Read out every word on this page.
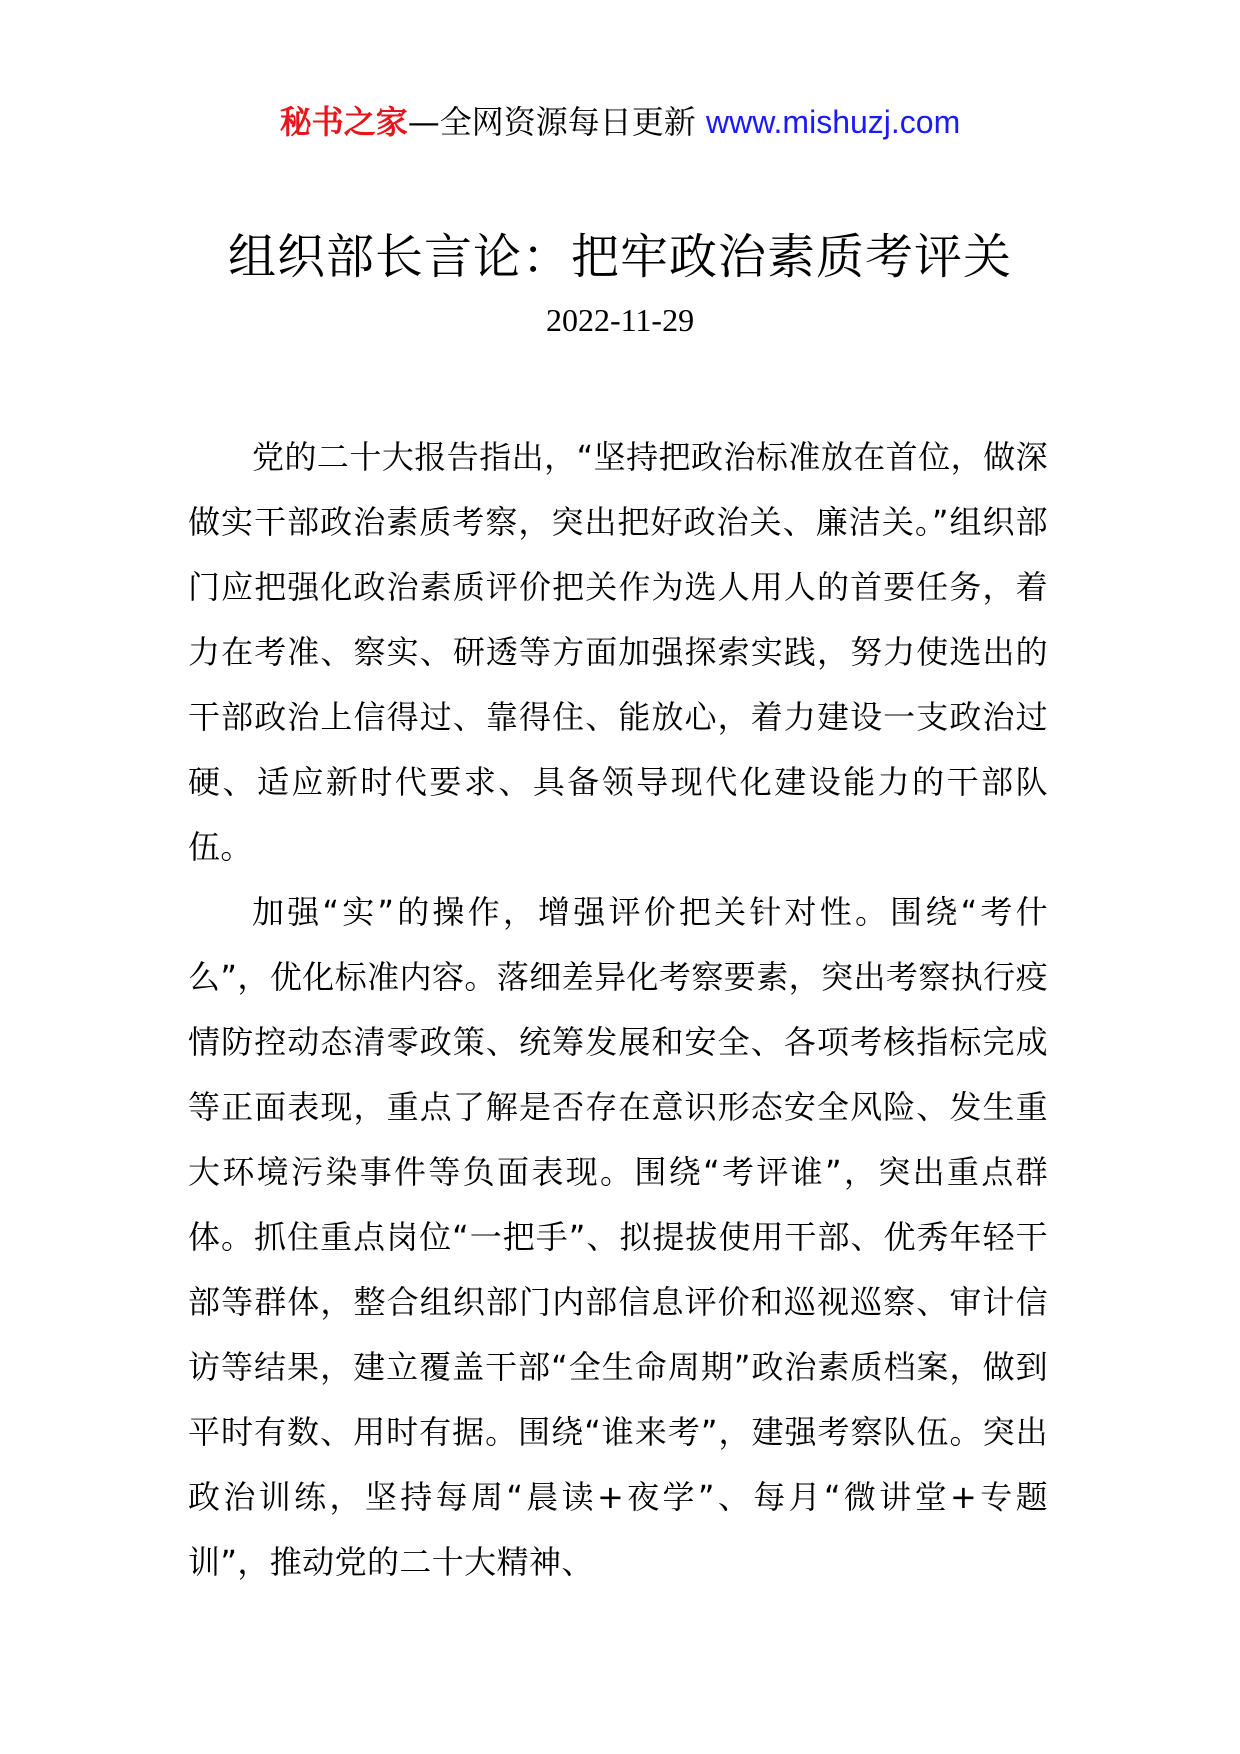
秘书之家—全网资源每日更新 www.mishuzj.com
组织部长言论：把牢政治素质考评关
2022-11-29

党的二十大报告指出，“坚持把政治标准放在首位，做深做实干部政治素质考察，突出把好政治关、廉洁关。”组织部门应把强化政治素质评价把关作为选人用人的首要任务，着力在考准、察实、研透等方面加强探索实践，努力使选出的干部政治上信得过、靠得住、能放心，着力建设一支政治过硬、适应新时代要求、具备领导现代化建设能力的干部队伍。

加强“实”的操作，增强评价把关针对性。围绕“考什么”，优化标准内容。落细差异化考察要素，突出考察执行疫情防控动态清零政策、统筹发展和安全、各项考核指标完成等正面表现，重点了解是否存在意识形态安全风险、发生重大环境污染事件等负面表现。围绕“考评谁”，突出重点群体。抓住重点岗位“一把手”、拟提拔使用干部、优秀年轻干部等群体，整合组织部门内部信息评价和巡视巡察、审计信访等结果，建立覆盖干部“全生命周期”政治素质档案，做到平时有数、用时有据。围绕“谁来考”，建强考察队伍。突出政治训练，坚持每周“晨读+夜学”、每月“微讲堂+专题训”，推动党的二十大精神、
